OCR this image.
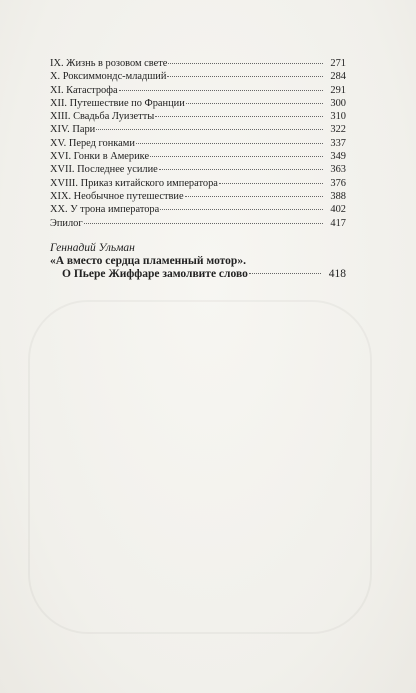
IX. Жизнь в розовом свете	271
X. Роксиммондс-младший	284
XI. Катастрофа	291
XII. Путешествие по Франции	300
XIII. Свадьба Луизетты	310
XIV. Пари	322
XV. Перед гонками	337
XVI. Гонки в Америке	349
XVII. Последнее усилие	363
XVIII. Приказ китайского императора	376
XIX. Необычное путешествие	388
XX. У трона императора	402
Эпилог	417
Геннадий Ульман
«А вместо сердца пламенный мотор».
О Пьере Жиффаре замолвите слово	418
